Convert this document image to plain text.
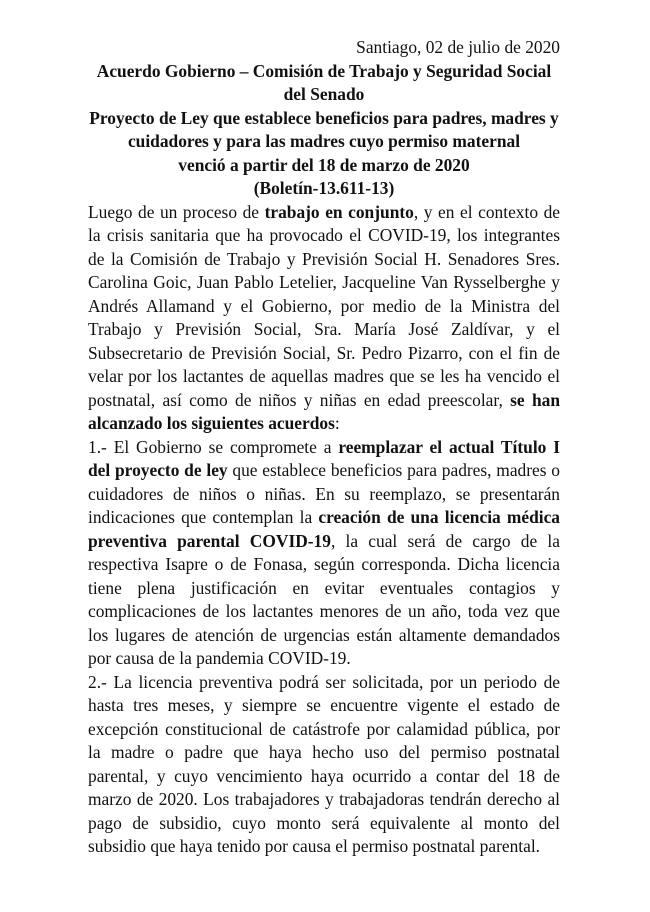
Santiago, 02 de julio de 2020

Acuerdo Gobierno – Comisión de Trabajo y Seguridad Social del Senado

Proyecto de Ley que establece beneficios para padres, madres y cuidadores y para las madres cuyo permiso maternal

venció a partir del 18 de marzo de 2020

(Boletín-13.611-13)

Luego de un proceso de trabajo en conjunto, y en el contexto de la crisis sanitaria que ha provocado el COVID-19, los integrantes de la Comisión de Trabajo y Previsión Social H. Senadores Sres. Carolina Goic, Juan Pablo Letelier, Jacqueline Van Rysselberghe y Andrés Allamand y el Gobierno, por medio de la Ministra del Trabajo y Previsión Social, Sra. María José Zaldívar, y el Subsecretario de Previsión Social, Sr. Pedro Pizarro, con el fin de velar por los lactantes de aquellas madres que se les ha vencido el postnatal, así como de niños y niñas en edad preescolar, se han alcanzado los siguientes acuerdos:

1.- El Gobierno se compromete a reemplazar el actual Título I del proyecto de ley que establece beneficios para padres, madres o cuidadores de niños o niñas. En su reemplazo, se presentarán indicaciones que contemplan la creación de una licencia médica preventiva parental COVID-19, la cual será de cargo de la respectiva Isapre o de Fonasa, según corresponda. Dicha licencia tiene plena justificación en evitar eventuales contagios y complicaciones de los lactantes menores de un año, toda vez que los lugares de atención de urgencias están altamente demandados por causa de la pandemia COVID-19.

2.- La licencia preventiva podrá ser solicitada, por un periodo de hasta tres meses, y siempre se encuentre vigente el estado de excepción constitucional de catástrofe por calamidad pública, por la madre o padre que haya hecho uso del permiso postnatal parental, y cuyo vencimiento haya ocurrido a contar del 18 de marzo de 2020. Los trabajadores y trabajadoras tendrán derecho al pago de subsidio, cuyo monto será equivalente al monto del subsidio que haya tenido por causa el permiso postnatal parental.
